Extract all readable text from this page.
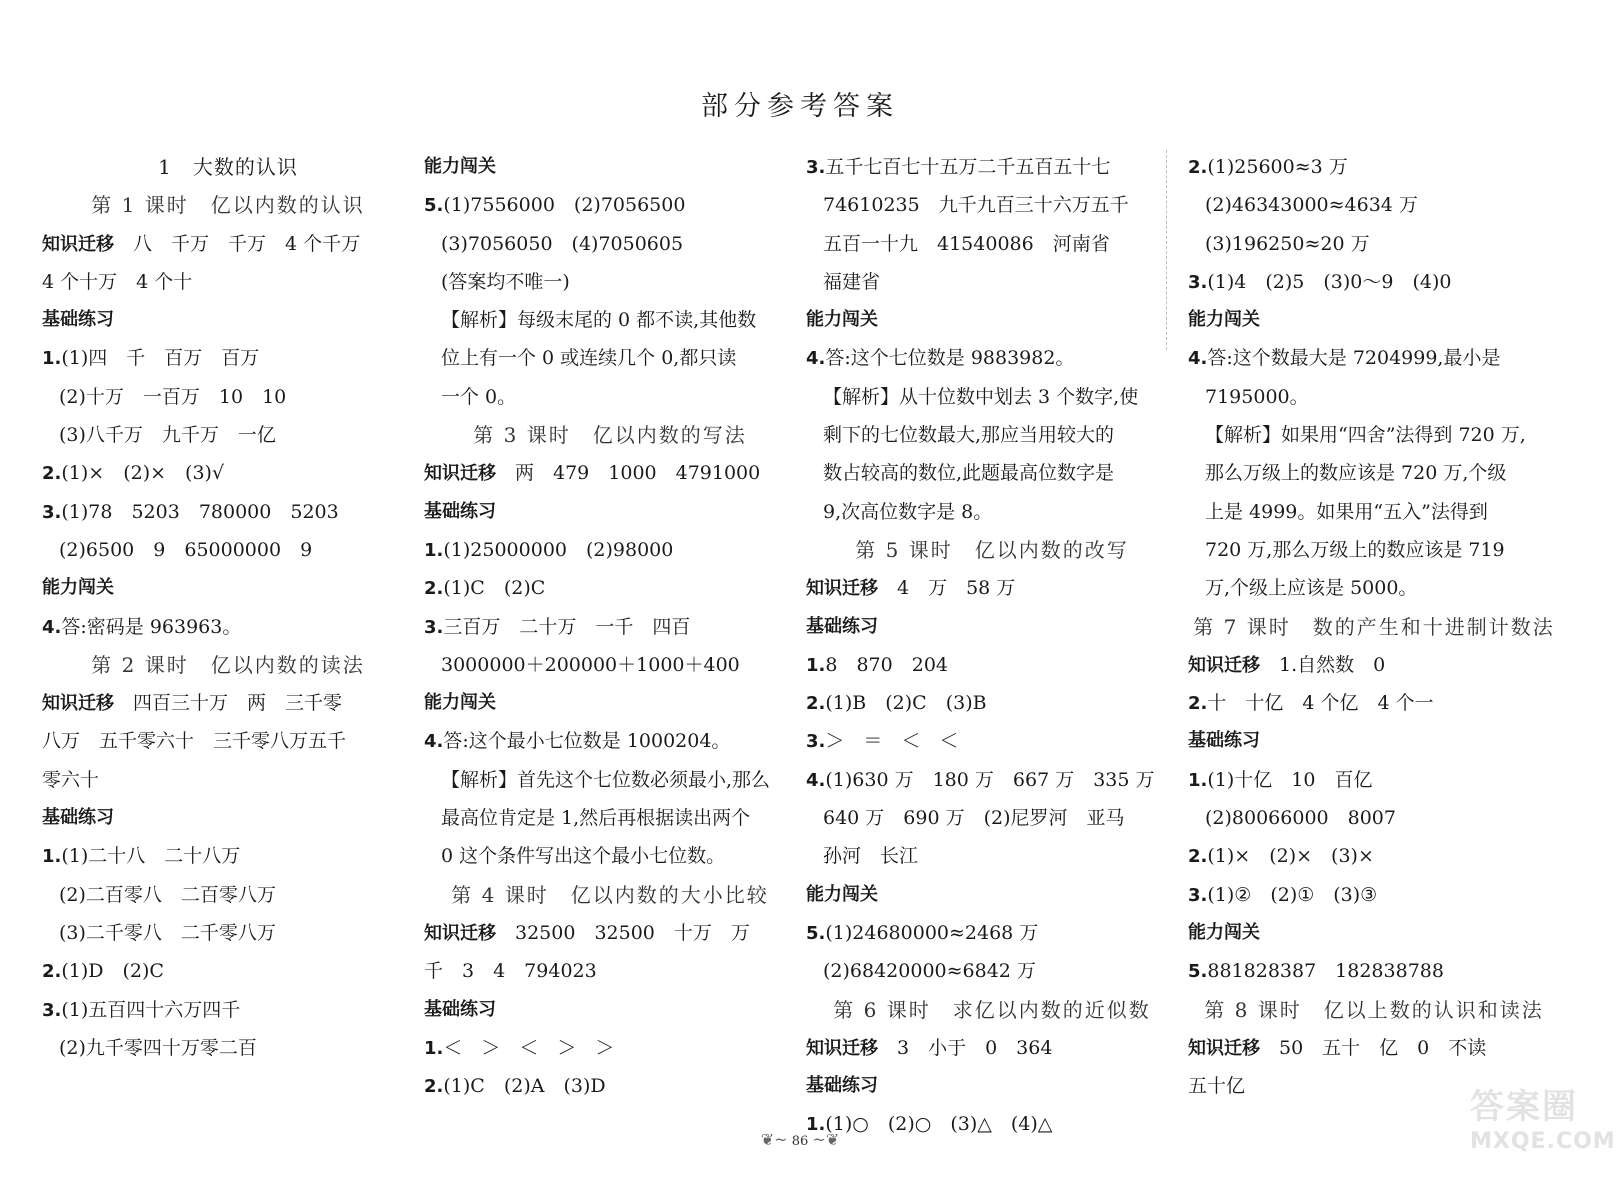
部分参考答案
1　大数的认识
第 1 课时　亿以内数的认识
知识迁移　八　千万　千万　4 个千万
4 个十万　4 个十
基础练习
1.(1)四　千　百万　百万
(2)十万　一百万　10　10
(3)八千万　九千万　一亿
2.(1)×　(2)×　(3)√
3.(1)78　5203　780000　5203
(2)6500　9　65000000　9
能力闯关
4.答:密码是 963963。
第 2 课时　亿以内数的读法
知识迁移　四百三十万　两　三千零
八万　五千零六十　三千零八万五千
零六十
基础练习
1.(1)二十八　二十八万
(2)二百零八　二百零八万
(3)二千零八　二千零八万
2.(1)D　(2)C
3.(1)五百四十六万四千
(2)九千零四十万零二百
能力闯关
5.(1)7556000　(2)7056500
(3)7056050　(4)7050605
(答案均不唯一)
【解析】每级末尾的 0 都不读,其他数
位上有一个 0 或连续几个 0,都只读
一个 0。
第 3 课时　亿以内数的写法
知识迁移　两　479　1000　4791000
基础练习
1.(1)25000000　(2)98000
2.(1)C　(2)C
3.三百万　二十万　一千　四百
3000000＋200000＋1000＋400
能力闯关
4.答:这个最小七位数是 1000204。
【解析】首先这个七位数必须最小,那么
最高位肯定是 1,然后再根据读出两个
0 这个条件写出这个最小七位数。
第 4 课时　亿以内数的大小比较
知识迁移　32500　32500　十万　万
千　3　4　794023
基础练习
1.＜　＞　＜　＞　＞
2.(1)C　(2)A　(3)D
3.五千七百七十五万二千五百五十七
74610235　九千九百三十六万五千
五百一十九　41540086　河南省
福建省
能力闯关
4.答:这个七位数是 9883982。
【解析】从十位数中划去 3 个数字,使
剩下的七位数最大,那应当用较大的
数占较高的数位,此题最高位数字是
9,次高位数字是 8。
第 5 课时　亿以内数的改写
知识迁移　4　万　58 万
基础练习
1.8　870　204
2.(1)B　(2)C　(3)B
3.＞　＝　＜　＜
4.(1)630 万　180 万　667 万　335 万
640 万　690 万　(2)尼罗河　亚马
孙河　长江
能力闯关
5.(1)24680000≈2468 万
(2)68420000≈6842 万
第 6 课时　求亿以内数的近似数
知识迁移　3　小于　0　364
基础练习
1.(1)○　(2)○　(3)△　(4)△
2.(1)25600≈3 万
(2)46343000≈4634 万
(3)196250≈20 万
3.(1)4　(2)5　(3)0～9　(4)0
能力闯关
4.答:这个数最大是 7204999,最小是
7195000。
【解析】如果用“四舍”法得到 720 万,
那么万级上的数应该是 720 万,个级
上是 4999。如果用“五入”法得到
720 万,那么万级上的数应该是 719
万,个级上应该是 5000。
第 7 课时　数的产生和十进制计数法
知识迁移　1.自然数　0
2.十　十亿　4 个亿　4 个一
基础练习
1.(1)十亿　10　百亿
(2)80066000　8007
2.(1)×　(2)×　(3)×
3.(1)②　(2)①　(3)③
能力闯关
5.881828387　182838788
第 8 课时　亿以上数的认识和读法
知识迁移　50　五十　亿　0　不读
五十亿
❦~ 86 ~❦
答案圈
MXQE.COM
